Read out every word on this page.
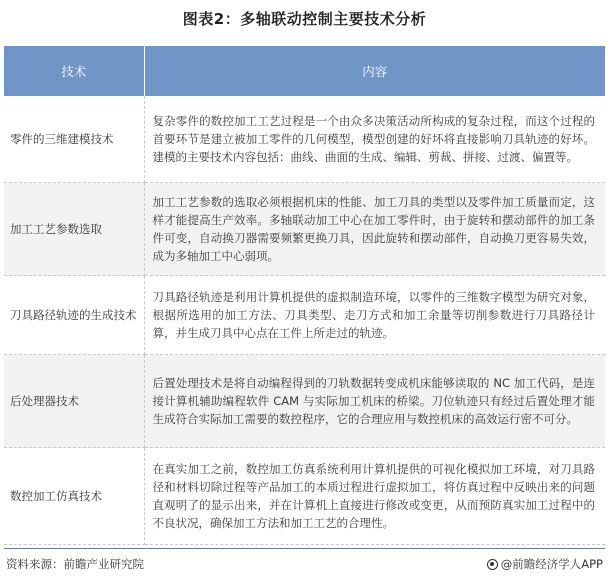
图表2：多轴联动控制主要技术分析
技术	内容
零件的三维建模技术	复杂零件的数控加工工艺过程是一个由众多决策活动所构成的复杂过程，而这个过程的首要环节是建立被加工零件的几何模型，模型创建的好坏将直接影响刀具轨迹的好坏。建模的主要技术内容包括：曲线、曲面的生成、编辑、剪裁、拼接、过渡、偏置等。
加工工艺参数选取	加工工艺参数的选取必须根据机床的性能、加工刀具的类型以及零件加工质量而定，这样才能提高生产效率。多轴联动加工中心在加工零件时，由于旋转和摆动部件的加工条件可变，自动换刀器需要频繁更换刀具，因此旋转和摆动部件，自动换刀更容易失效，成为多轴加工中心弱项。
刀具路径轨迹的生成技术	刀具路径轨迹是利用计算机提供的虚拟制造环境，以零件的三维数字模型为研究对象，根据所选用的加工方法、刀具类型、走刀方式和加工余量等切削参数进行刀具路径计算，并生成刀具中心点在工件上所走过的轨迹。
后处理器技术	后置处理技术是将自动编程得到的刀轨数据转变成机床能够读取的 NC 加工代码，是连接计算机辅助编程软件 CAM 与实际加工机床的桥梁。刀位轨迹只有经过后置处理才能生成符合实际加工需要的数控程序，它的合理应用与数控机床的高效运行密不可分。
数控加工仿真技术	在真实加工之前，数控加工仿真系统利用计算机提供的可视化模拟加工环境，对刀具路径和材料切除过程等产品加工的本质过程进行虚拟加工，将仿真过程中反映出来的问题直观明了的显示出来，并在计算机上直接进行修改或变更，从而预防真实加工过程中的不良状况，确保加工方法和加工工艺的合理性。
资料来源：前瞻产业研究院	@前瞻经济学人APP
